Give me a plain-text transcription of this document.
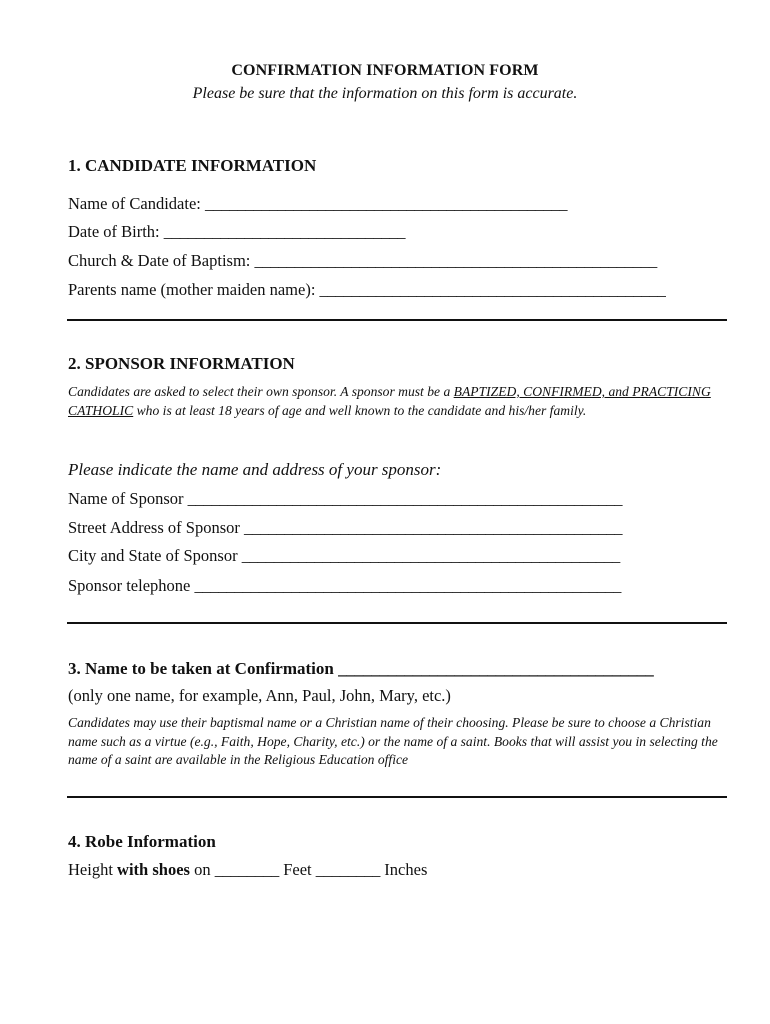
CONFIRMATION INFORMATION FORM
Please be sure that the information on this form is accurate.
1. CANDIDATE INFORMATION
Name of Candidate: _____________________________________________
Date of Birth: ______________________________
Church & Date of Baptism: __________________________________________________
Parents name (mother maiden name): ___________________________________________
2. SPONSOR INFORMATION
Candidates are asked to select their own sponsor. A sponsor must be a BAPTIZED, CONFIRMED, and PRACTICING CATHOLIC who is at least 18 years of age and well known to the candidate and his/her family.
Please indicate the name and address of your sponsor:
Name of Sponsor ______________________________________________________
Street Address of Sponsor _______________________________________________
City and State of Sponsor _______________________________________________
Sponsor telephone _____________________________________________________
3. Name to be taken at Confirmation ______________________________________
(only one name, for example, Ann, Paul, John, Mary, etc.)
Candidates may use their baptismal name or a Christian name of their choosing. Please be sure to choose a Christian name such as a virtue (e.g., Faith, Hope, Charity, etc.) or the name of a saint. Books that will assist you in selecting the name of a saint are available in the Religious Education office
4. Robe Information
Height with shoes on ________ Feet ________ Inches
